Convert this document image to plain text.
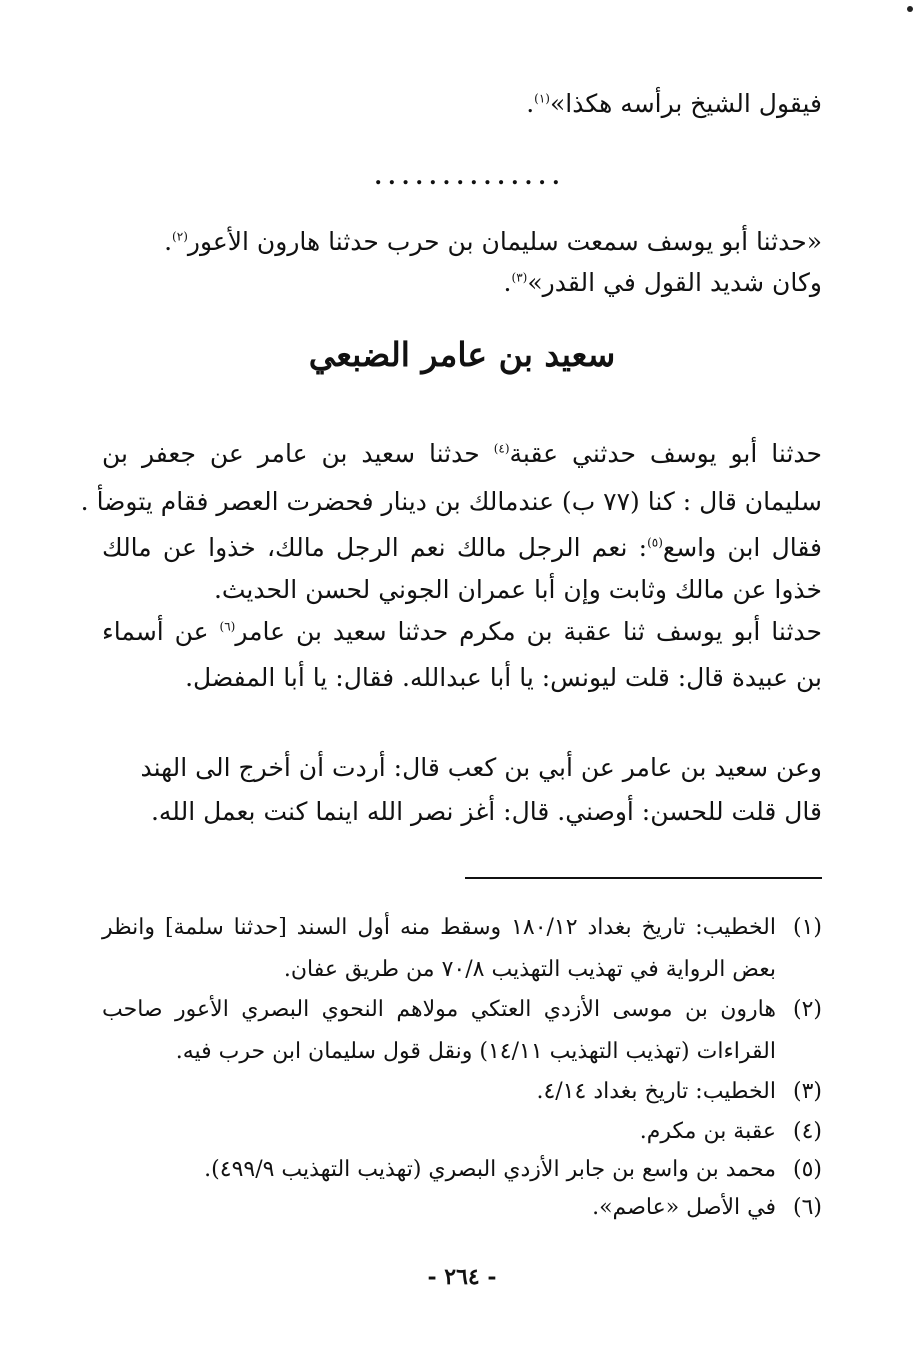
فيقول الشيخ برأسه هكذا»$^{(١)}$.
..............
«حدثنا أبو يوسف سمعت سليمان بن حرب حدثنا هارون الأعور$^{(٢)}$.
وكان شديد القول في القدر»$^{(٣)}$.
سعيد بن عامر الضبعي
حدثنا أبو يوسف حدثني عقبة$^{(٤)}$ حدثنا سعيد بن عامر عن جعفر بن
سليمان قال : كنا (٧٧ ب) عندمالك بن دينار فحضرت العصر فقام يتوضأ .
فقال ابن واسع$^{(٥)}$: نعم الرجل مالك نعم الرجل مالك، خذوا عن مالك
خذوا عن مالك وثابت وإن أبا عمران الجوني لحسن الحديث.
حدثنا أبو يوسف ثنا عقبة بن مكرم حدثنا سعيد بن عامر$^{(٦)}$ عن أسماء
بن عبيدة قال: قلت ليونس: يا أبا عبدالله. فقال: يا أبا المفضل.
وعن سعيد بن عامر عن أبي بن كعب قال: أردت أن أخرج الى الهند
قال قلت للحسن: أوصني. قال: أغز نصر الله اينما كنت بعمل الله.
(١)
الخطيب: تاريخ بغداد ١٨٠/١٢ وسقط منه أول السند [حدثنا سلمة] وانظر
بعض الرواية في تهذيب التهذيب ٧٠/٨ من طريق عفان.
(٢)
هارون بن موسى الأزدي العتكي مولاهم النحوي البصري الأعور صاحب
القراءات (تهذيب التهذيب ١٤/١١) ونقل قول سليمان ابن حرب فيه.
(٣)
الخطيب: تاريخ بغداد ٤/١٤.
(٤)
عقبة بن مكرم.
(٥)
محمد بن واسع بن جابر الأزدي البصري (تهذيب التهذيب ٤٩٩/٩).
(٦)
في الأصل «عاصم».
- ٢٦٤ -
